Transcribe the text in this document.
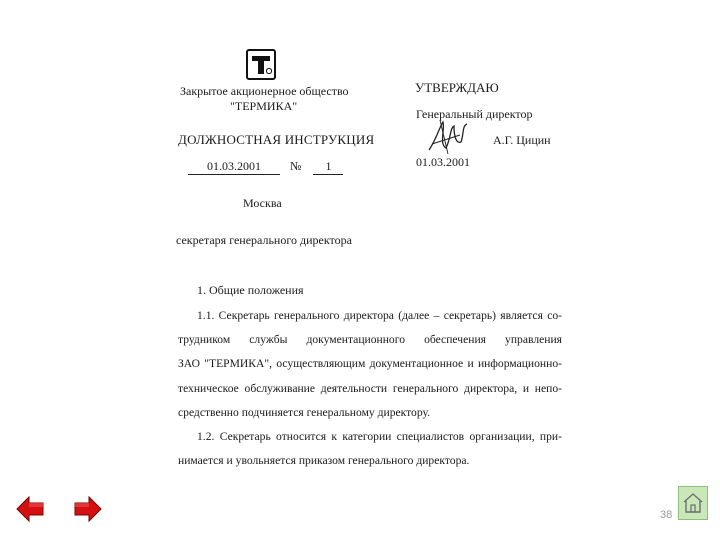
Закрытое акционерное общество
"ТЕРМИКА"
УТВЕРЖДАЮ
Генеральный директор
А.Г. Цицин
01.03.2001
ДОЛЖНОСТНАЯ ИНСТРУКЦИЯ
01.03.2001 № 1
Москва
секретаря генерального директора
1. Общие положения
1.1. Секретарь генерального директора (далее – секретарь) является со-
трудником службы документационного обеспечения управления
ЗАО "ТЕРМИКА", осуществляющим документационное и информационно-
техническое обслуживание деятельности генерального директора, и непо-
средственно подчиняется генеральному директору.
1.2. Секретарь относится к категории специалистов организации, при-
нимается и увольняется приказом генерального директора.
38
